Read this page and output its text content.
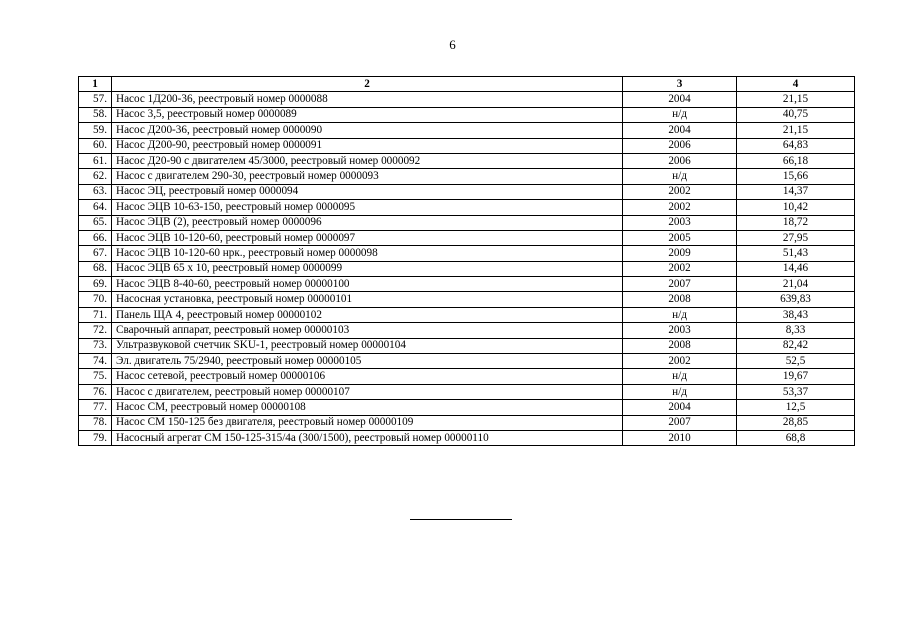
6
1	2	3	4
57.	Насос 1Д200-36, реестровый номер 0000088	2004	21,15
58.	Насос 3,5, реестровый номер 0000089	н/д	40,75
59.	Насос Д200-36, реестровый номер 0000090	2004	21,15
60.	Насос Д200-90, реестровый номер 0000091	2006	64,83
61.	Насос Д20-90 с двигателем 45/3000, реестровый номер 0000092	2006	66,18
62.	Насос с двигателем 290-30, реестровый номер 0000093	н/д	15,66
63.	Насос ЭЦ, реестровый номер 0000094	2002	14,37
64.	Насос ЭЦВ 10-63-150, реестровый номер 0000095	2002	10,42
65.	Насос ЭЦВ (2), реестровый номер 0000096	2003	18,72
66.	Насос ЭЦВ 10-120-60, реестровый номер 0000097	2005	27,95
67.	Насос ЭЦВ 10-120-60 нрк., реестровый номер 0000098	2009	51,43
68.	Насос ЭЦВ 65 х 10, реестровый номер 0000099	2002	14,46
69.	Насос ЭЦВ 8-40-60, реестровый номер 00000100	2007	21,04
70.	Насосная установка, реестровый номер 00000101	2008	639,83
71.	Панель ЩА 4, реестровый номер 00000102	н/д	38,43
72.	Сварочный аппарат, реестровый номер 00000103	2003	8,33
73.	Ультразвуковой счетчик SKU-1, реестровый номер 00000104	2008	82,42
74.	Эл. двигатель 75/2940, реестровый номер 00000105	2002	52,5
75.	Насос сетевой, реестровый номер 00000106	н/д	19,67
76.	Насос с двигателем, реестровый номер 00000107	н/д	53,37
77.	Насос СМ, реестровый номер 00000108	2004	12,5
78.	Насос СМ 150-125 без двигателя, реестровый номер 00000109	2007	28,85
79.	Насосный агрегат СМ 150-125-315/4а (300/1500), реестровый номер 00000110	2010	68,8
